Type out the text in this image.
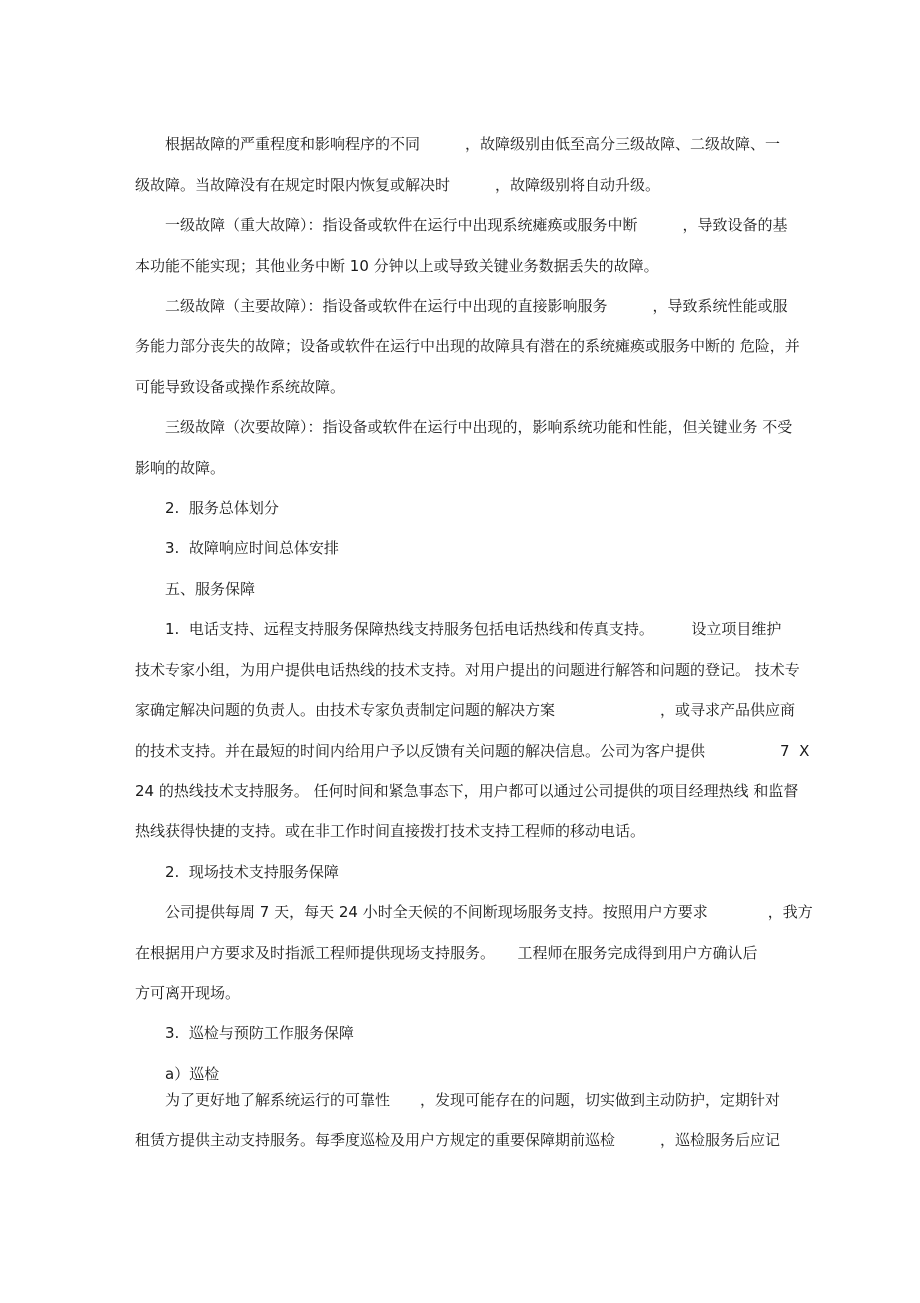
根据故障的严重程度和影响程序的不同　　　，故障级别由低至高分三级故障、二级故障、一
级故障。当故障没有在规定时限内恢复或解决时　　　，故障级别将自动升级。
一级故障（重大故障）：指设备或软件在运行中出现系统瘫痪或服务中断　　　，导致设备的基
本功能不能实现；其他业务中断 10 分钟以上或导致关键业务数据丢失的故障。
二级故障（主要故障）：指设备或软件在运行中出现的直接影响服务　　　，导致系统性能或服
务能力部分丧失的故障；设备或软件在运行中出现的故障具有潜在的系统瘫痪或服务中断的 危险，并
可能导致设备或操作系统故障。
三级故障（次要故障）：指设备或软件在运行中出现的，影响系统功能和性能，但关键业务 不受
影响的故障。
2.  服务总体划分
3.  故障响应时间总体安排
五、服务保障
1.  电话支持、远程支持服务保障热线支持服务包括电话热线和传真支持。　　　设立项目维护
技术专家小组，为用户提供电话热线的技术支持。对用户提出的问题进行解答和问题的登记。 技术专
家确定解决问题的负责人。由技术专家负责制定问题的解决方案　　　　　　　，或寻求产品供应商
的技术支持。并在最短的时间内给用户予以反馈有关问题的解决信息。公司为客户提供　　　　　7  X
24 的热线技术支持服务。 任何时间和紧急事态下，用户都可以通过公司提供的项目经理热线 和监督
热线获得快捷的支持。或在非工作时间直接拨打技术支持工程师的移动电话。
2.  现场技术支持服务保障
公司提供每周 7 天，每天 24 小时全天候的不间断现场服务支持。按照用户方要求　　　　，我方
在根据用户方要求及时指派工程师提供现场支持服务。　　工程师在服务完成得到用户方确认后
方可离开现场。
3.  巡检与预防工作服务保障
a）巡检
为了更好地了解系统运行的可靠性　　，发现可能存在的问题，切实做到主动防护，定期针对
租赁方提供主动支持服务。每季度巡检及用户方规定的重要保障期前巡检　　　，巡检服务后应记
